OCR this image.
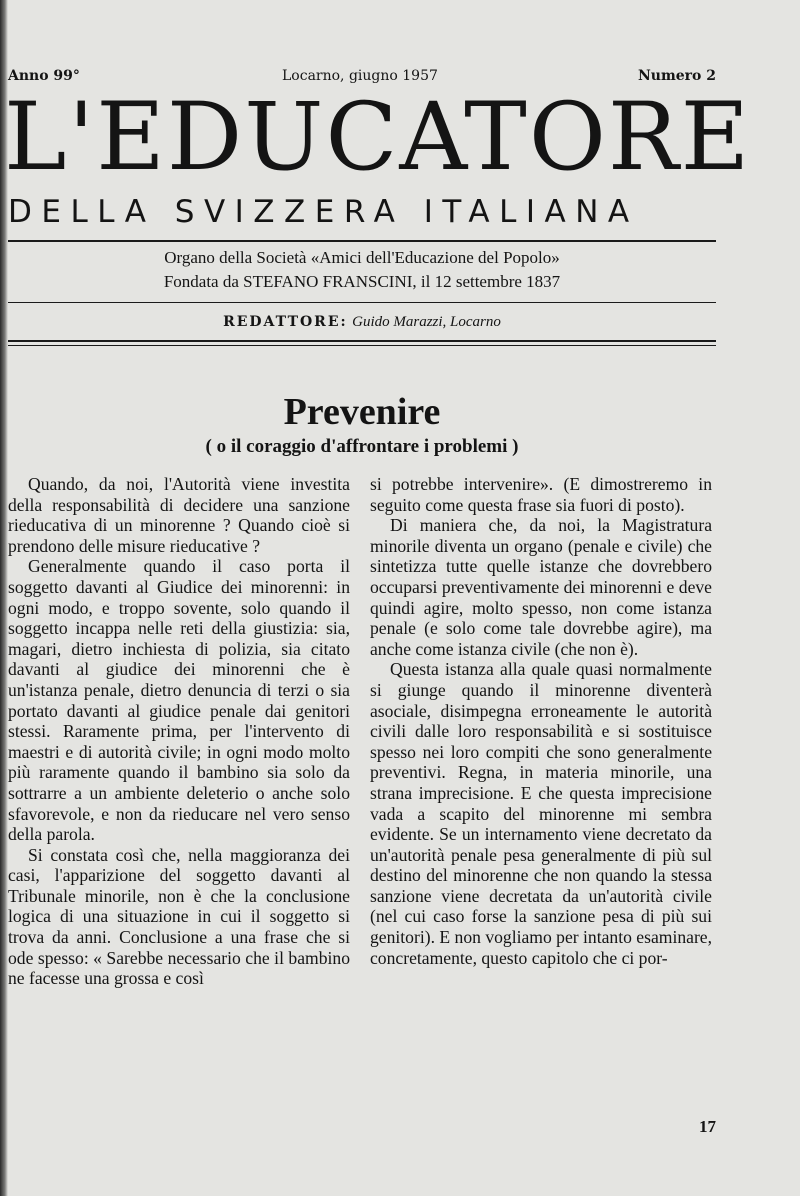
Anno 99°	Locarno, giugno 1957	Numero 2
L'EDUCATORE
DELLA SVIZZERA ITALIANA
Organo della Società «Amici dell'Educazione del Popolo»
Fondata da STEFANO FRANSCINI, il 12 settembre 1837
REDATTORE: Guido Marazzi, Locarno
Prevenire
( o il coraggio d'affrontare i problemi )

Quando, da noi, l'Autorità viene investita della responsabilità di decidere una sanzione rieducativa di un minorenne ? Quando cioè si prendono delle misure rieducative ?

Generalmente quando il caso porta il soggetto davanti al Giudice dei minorenni: in ogni modo, e troppo sovente, solo quando il soggetto incappa nelle reti della giustizia: sia, magari, dietro inchiesta di polizia, sia citato davanti al giudice dei minorenni che è un'istanza penale, dietro denuncia di terzi o sia portato davanti al giudice penale dai genitori stessi. Raramente prima, per l'intervento di maestri e di autorità civile; in ogni modo molto più raramente quando il bambino sia solo da sottrarre a un ambiente deleterio o anche solo sfavorevole, e non da rieducare nel vero senso della parola.

Si constata così che, nella maggioranza dei casi, l'apparizione del soggetto davanti al Tribunale minorile, non è che la conclusione logica di una situazione in cui il soggetto si trova da anni. Conclusione a una frase che si ode spesso: « Sarebbe necessario che il bambino ne facesse una grossa e così

si potrebbe intervenire». (E dimostreremo in seguito come questa frase sia fuori di posto).

Di maniera che, da noi, la Magistratura minorile diventa un organo (penale e civile) che sintetizza tutte quelle istanze che dovrebbero occuparsi preventivamente dei minorenni e deve quindi agire, molto spesso, non come istanza penale (e solo come tale dovrebbe agire), ma anche come istanza civile (che non è).

Questa istanza alla quale quasi normalmente si giunge quando il minorenne diventerà asociale, disimpegna erroneamente le autorità civili dalle loro responsabilità e si sostituisce spesso nei loro compiti che sono generalmente preventivi. Regna, in materia minorile, una strana imprecisione. E che questa imprecisione vada a scapito del minorenne mi sembra evidente. Se un internamento viene decretato da un'autorità penale pesa generalmente di più sul destino del minorenne che non quando la stessa sanzione viene decretata da un'autorità civile (nel cui caso forse la sanzione pesa di più sui genitori). E non vogliamo per intanto esaminare, concretamente, questo capitolo che ci por-

17
